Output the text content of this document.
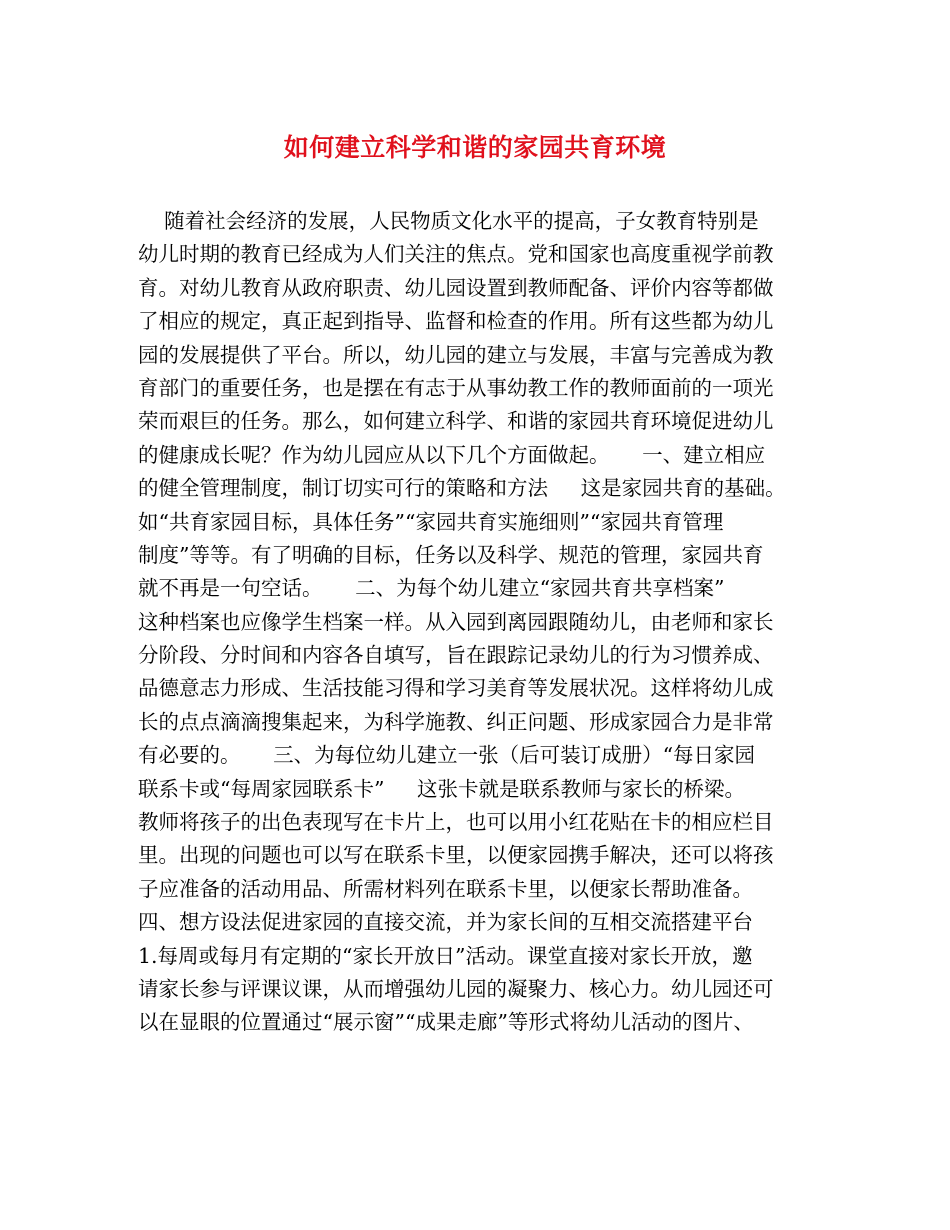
如何建立科学和谐的家园共育环境
随着社会经济的发展，人民物质文化水平的提高，子女教育特别是
幼儿时期的教育已经成为人们关注的焦点。党和国家也高度重视学前教
育。对幼儿教育从政府职责、幼儿园设置到教师配备、评价内容等都做
了相应的规定，真正起到指导、监督和检查的作用。所有这些都为幼儿
园的发展提供了平台。所以，幼儿园的建立与发展，丰富与完善成为教
育部门的重要任务，也是摆在有志于从事幼教工作的教师面前的一项光
荣而艰巨的任务。那么，如何建立科学、和谐的家园共育环境促进幼儿
的健康成长呢？作为幼儿园应从以下几个方面做起。     一、建立相应
的健全管理制度，制订切实可行的策略和方法     这是家园共育的基础。
如“共育家园目标，具体任务”“家园共育实施细则”“家园共育管理
制度”等等。有了明确的目标，任务以及科学、规范的管理，家园共育
就不再是一句空话。     二、为每个幼儿建立“家园共育共享档案”
这种档案也应像学生档案一样。从入园到离园跟随幼儿，由老师和家长
分阶段、分时间和内容各自填写，旨在跟踪记录幼儿的行为习惯养成、
品德意志力形成、生活技能习得和学习美育等发展状况。这样将幼儿成
长的点点滴滴搜集起来，为科学施教、纠正问题、形成家园合力是非常
有必要的。     三、为每位幼儿建立一张（后可装订成册）“每日家园
联系卡或“每周家园联系卡”     这张卡就是联系教师与家长的桥梁。
教师将孩子的出色表现写在卡片上，也可以用小红花贴在卡的相应栏目
里。出现的问题也可以写在联系卡里，以便家园携手解决，还可以将孩
子应准备的活动用品、所需材料列在联系卡里，以便家长帮助准备。
四、想方设法促进家园的直接交流，并为家长间的互相交流搭建平台
1.每周或每月有定期的“家长开放日”活动。课堂直接对家长开放，邀
请家长参与评课议课，从而增强幼儿园的凝聚力、核心力。幼儿园还可
以在显眼的位置通过“展示窗”“成果走廊”等形式将幼儿活动的图片、
